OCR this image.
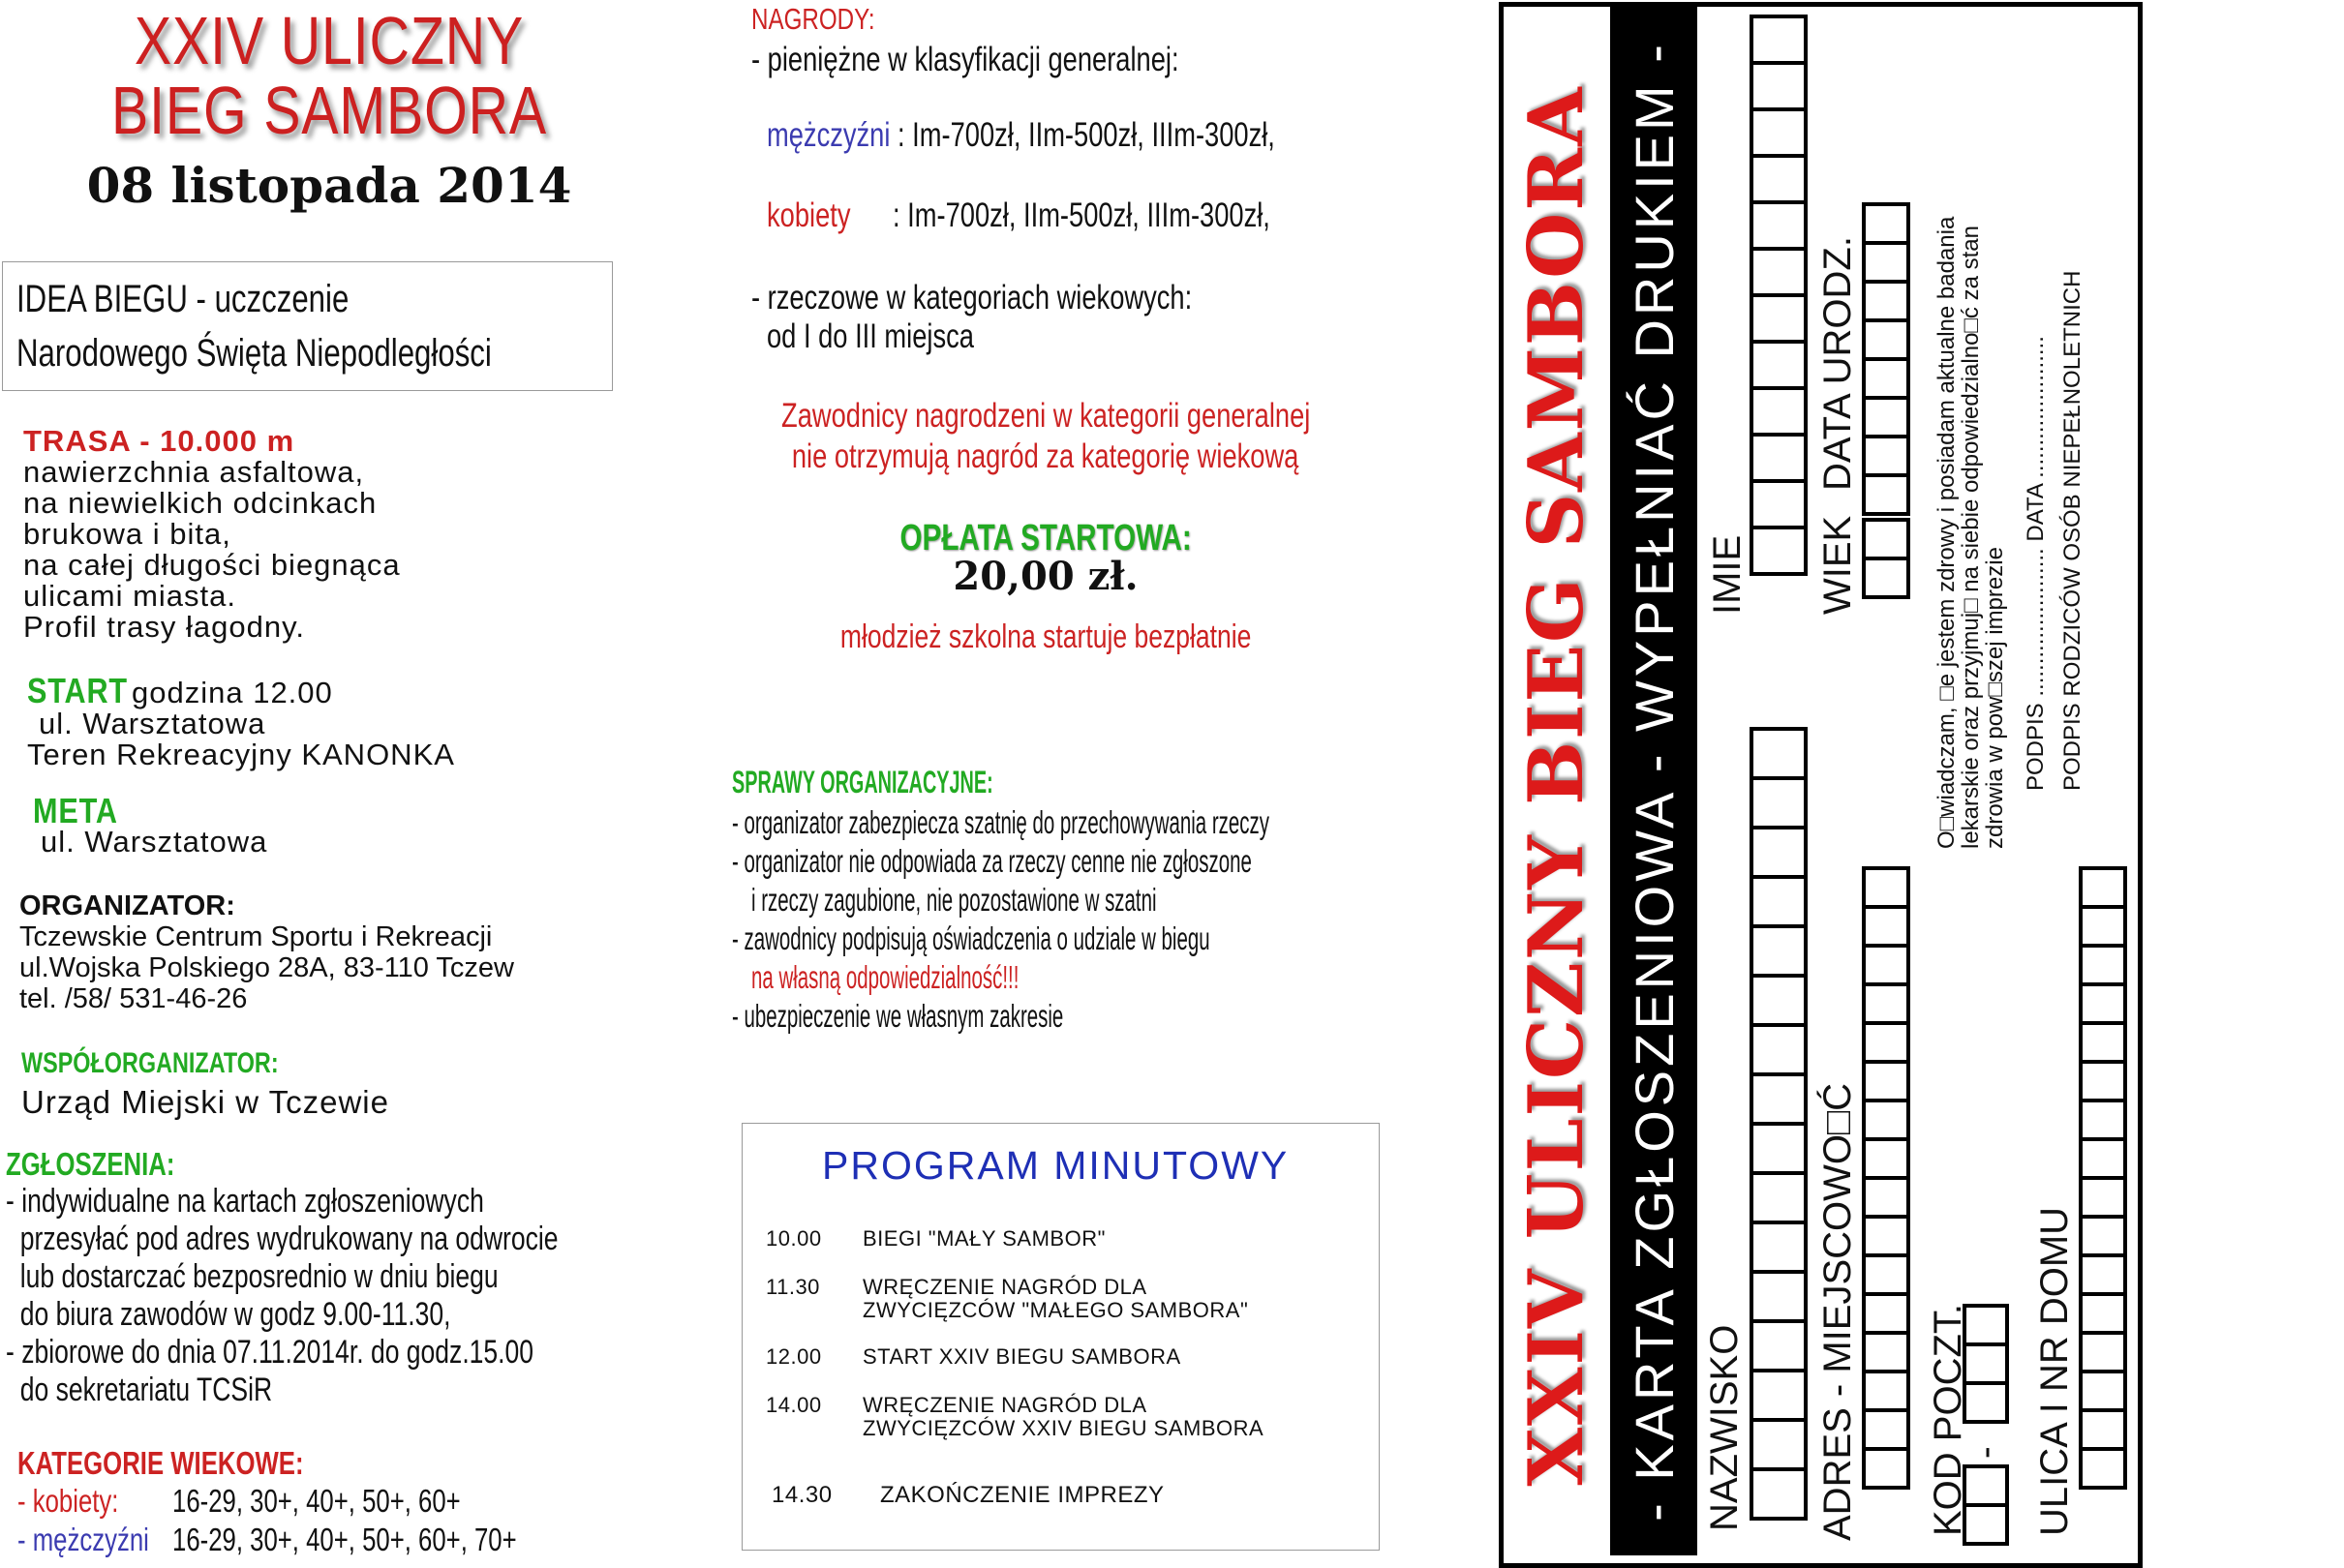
XXIV ULICZNY
BIEG SAMBORA
08 listopada 2014
IDEA BIEGU - uczczenie
Narodowego Święta Niepodległości
TRASA - 10.000 m
nawierzchnia asfaltowa,
na niewielkich odcinkach
brukowa i bita,
na całej długości biegnąca
ulicami miasta.
Profil trasy łagodny.
START godzina 12.00
ul. Warsztatowa
Teren Rekreacyjny KANONKA
META
ul. Warsztatowa
ORGANIZATOR:
Tczewskie Centrum Sportu i Rekreacji
ul.Wojska Polskiego 28A, 83-110 Tczew
tel. /58/ 531-46-26
WSPÓŁORGANIZATOR:
Urząd Miejski w Tczewie
ZGŁOSZENIA:
- indywidualne na kartach zgłoszeniowych
przesyłać pod adres wydrukowany na odwrocie
lub dostarczać bezposrednio w dniu biegu
do biura zawodów w godz 9.00-11.30,
- zbiorowe do dnia 07.11.2014r. do godz.15.00
do sekretariatu TCSiR
KATEGORIE WIEKOWE:
- kobiety: 16-29, 30+, 40+, 50+, 60+
- mężczyźni 16-29, 30+, 40+, 50+, 60+, 70+
NAGRODY:
- pieniężne w klasyfikacji generalnej:
mężczyźni : Im-700zł, IIm-500zł, IIIm-300zł,
kobiety : Im-700zł, IIm-500zł, IIIm-300zł,
- rzeczowe w kategoriach wiekowych:
od I do III miejsca
Zawodnicy nagrodzeni w kategorii generalnej
nie otrzymują nagród za kategorię wiekową
OPŁATA STARTOWA:
20,00 zł.
młodzież szkolna startuje bezpłatnie
SPRAWY ORGANIZACYJNE:
- organizator zabezpiecza szatnię do przechowywania rzeczy
- organizator nie odpowiada za rzeczy cenne nie zgłoszone
i rzeczy zagubione, nie pozostawione w szatni
- zawodnicy podpisują oświadczenia o udziale w biegu
na własną odpowiedzialność!!!
- ubezpieczenie we własnym zakresie
PROGRAM MINUTOWY
10.00 BIEGI "MAŁY SAMBOR"
11.30 WRĘCZENIE NAGRÓD DLA
ZWYCIĘZCÓW "MAŁEGO SAMBORA"
12.00 START XXIV BIEGU SAMBORA
14.00 WRĘCZENIE NAGRÓD DLA
ZWYCIĘZCÓW XXIV BIEGU SAMBORA
14.30 ZAKOŃCZENIE IMPREZY
XXIV ULICZNY BIEG SAMBORA - KARTA ZGŁOSZENIOWA - WYPEŁNIAĆ DRUKIEM - NAZWISKO
IMIE
ADRES - MIEJSCOWO□Ć
WIEK
DATA URODZ.
KOD POCZT.
-
O□wiadczam, □e jestem zdrowy i posiadam aktualne badania
lekarskie oraz przyjmuj□ na siebie odpowiedzialno□ć za stan
zdrowia w pow□szej imprezie PODPIS ....................... DATA ......................
ULICA I NR DOMU
PODPIS RODZICÓW OSÓB NIEPEŁNOLETNICH
